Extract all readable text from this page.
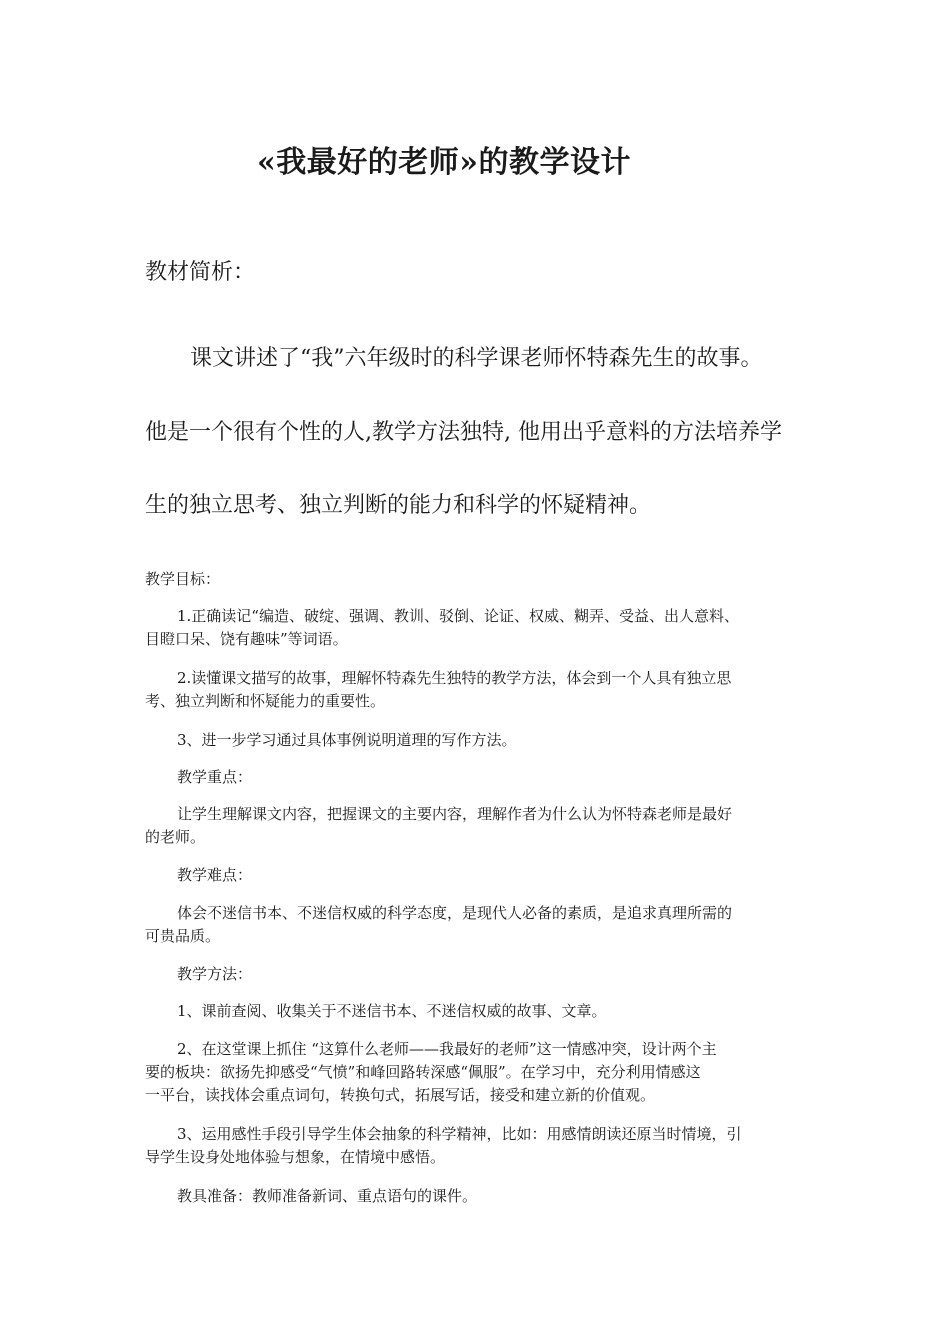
«我最好的老师»的教学设计
教材简析：
课文讲述了“我”六年级时的科学课老师怀特森先生的故事。
他是一个很有个性的人,教学方法独特, 他用出乎意料的方法培养学
生的独立思考、独立判断的能力和科学的怀疑精神。
教学目标：
1.正确读记“编造、破绽、强调、教训、驳倒、论证、权威、糊弄、受益、出人意料、
目瞪口呆、饶有趣味”等词语。
2.读懂课文描写的故事，理解怀特森先生独特的教学方法，体会到一个人具有独立思
考、独立判断和怀疑能力的重要性。
3、进一步学习通过具体事例说明道理的写作方法。
教学重点：
让学生理解课文内容，把握课文的主要内容，理解作者为什么认为怀特森老师是最好
的老师。
教学难点：
体会不迷信书本、不迷信权威的科学态度，是现代人必备的素质，是追求真理所需的
可贵品质。
教学方法：
1、课前查阅、收集关于不迷信书本、不迷信权威的故事、文章。
2、在这堂课上抓住 “这算什么老师——我最好的老师”这一情感冲突，设计两个主
要的板块：欲扬先抑感受“气愤”和峰回路转深感“佩服”。在学习中，充分利用情感这
一平台，读找体会重点词句，转换句式，拓展写话，接受和建立新的价值观。
3、运用感性手段引导学生体会抽象的科学精神，比如：用感情朗读还原当时情境，引
导学生设身处地体验与想象，在情境中感悟。
教具准备：教师准备新词、重点语句的课件。
